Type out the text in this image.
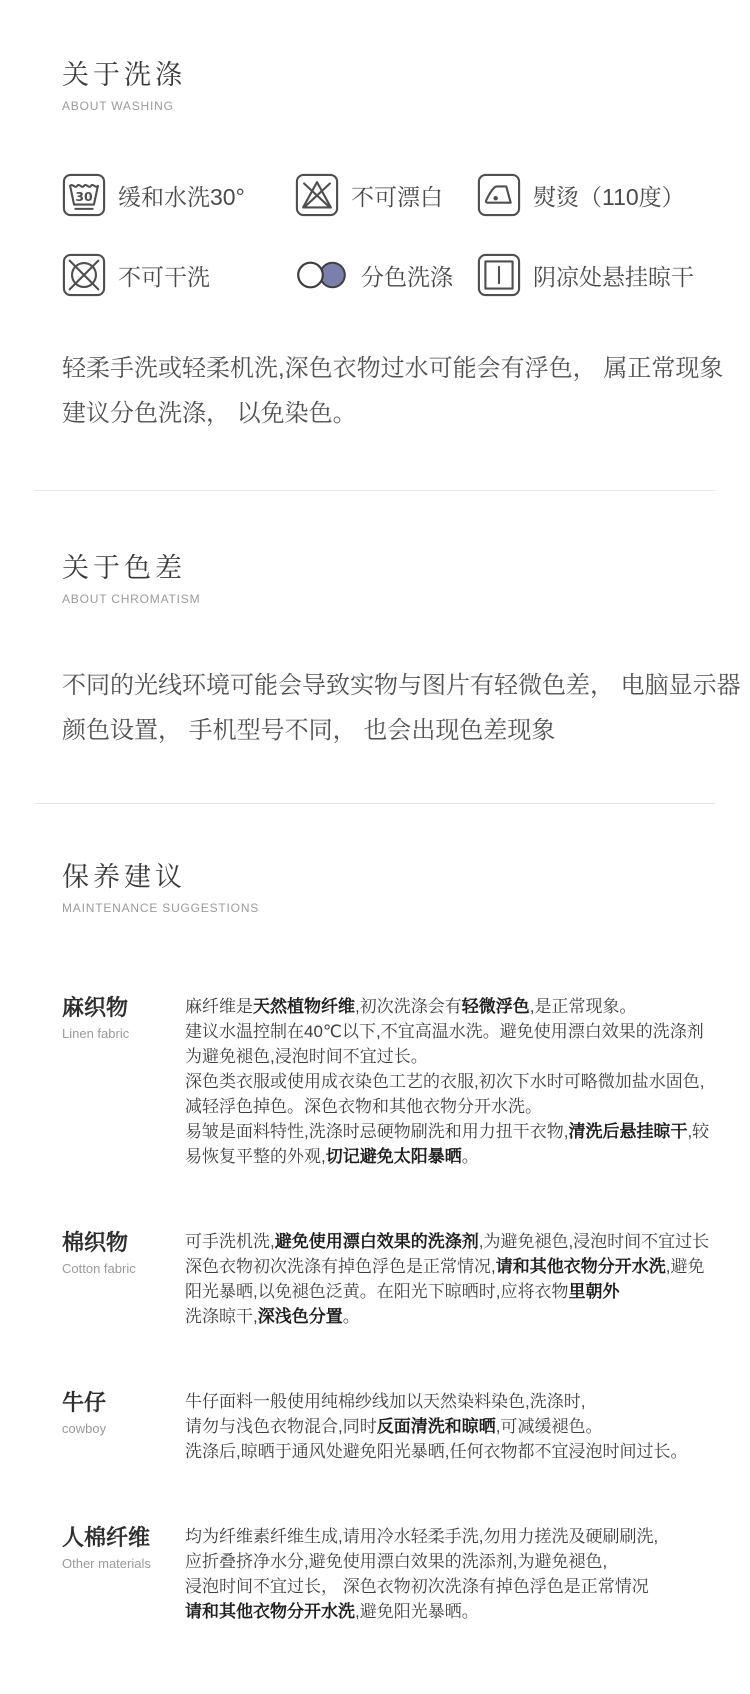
关于洗涤
ABOUT WASHING
30 缓和水洗30°	不可漂白	熨烫（110度）
不可干洗	分色洗涤	阴凉处悬挂晾干
轻柔手洗或轻柔机洗,深色衣物过水可能会有浮色， 属正常现象
建议分色洗涤， 以免染色。
关于色差
ABOUT CHROMATISM
不同的光线环境可能会导致实物与图片有轻微色差， 电脑显示器
颜色设置， 手机型号不同， 也会出现色差现象
保养建议
MAINTENANCE SUGGESTIONS
麻织物
Linen fabric
麻纤维是天然植物纤维,初次洗涤会有轻微浮色,是正常现象。
建议水温控制在40℃以下,不宜高温水洗。避免使用漂白效果的洗涤剂
为避免褪色,浸泡时间不宜过长。
深色类衣服或使用成衣染色工艺的衣服,初次下水时可略微加盐水固色,
减轻浮色掉色。深色衣物和其他衣物分开水洗。
易皱是面料特性,洗涤时忌硬物刷洗和用力扭干衣物,清洗后悬挂晾干,较
易恢复平整的外观,切记避免太阳暴晒。
棉织物
Cotton fabric
可手洗机洗,避免使用漂白效果的洗涤剂,为避免褪色,浸泡时间不宜过长
深色衣物初次洗涤有掉色浮色是正常情况,请和其他衣物分开水洗,避免
阳光暴晒,以免褪色泛黄。在阳光下晾晒时,应将衣物里朝外
洗涤晾干,深浅色分置。
牛仔
cowboy
牛仔面料一般使用纯棉纱线加以天然染料染色,洗涤时,
请勿与浅色衣物混合,同时反面清洗和晾晒,可减缓褪色。
洗涤后,晾晒于通风处避免阳光暴晒,任何衣物都不宜浸泡时间过长。
人棉纤维
Other materials
均为纤维素纤维生成,请用冷水轻柔手洗,勿用力搓洗及硬刷刷洗,
应折叠挤净水分,避免使用漂白效果的洗添剂,为避免褪色,
浸泡时间不宜过长， 深色衣物初次洗涤有掉色浮色是正常情况
请和其他衣物分开水洗,避免阳光暴晒。
